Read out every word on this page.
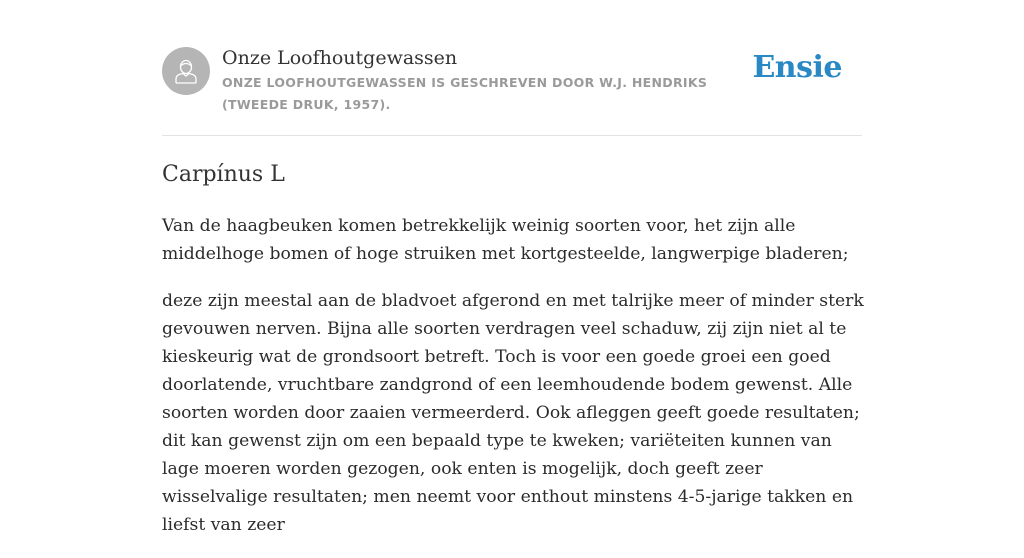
Onze Loofhoutgewassen
ONZE LOOFHOUTGEWASSEN IS GESCHREVEN DOOR W.J. HENDRIKS (TWEEDE DRUK, 1957).
Ensie
Carpínus L

Van de haagbeuken komen betrekkelijk weinig soorten voor, het zijn alle middelhoge bomen of hoge struiken met kortgesteelde, langwerpige bladeren;

deze zijn meestal aan de bladvoet afgerond en met talrijke meer of minder sterk gevouwen nerven. Bijna alle soorten verdragen veel schaduw, zij zijn niet al te kieskeurig wat de grondsoort betreft. Toch is voor een goede groei een goed doorlatende, vruchtbare zandgrond of een leemhoudende bodem gewenst. Alle soorten worden door zaaien vermeerderd. Ook afleggen geeft goede resultaten; dit kan gewenst zijn om een bepaald type te kweken; variëteiten kunnen van lage moeren worden gezogen, ook enten is mogelijk, doch geeft zeer wisselvalige resultaten; men neemt voor enthout minstens 4-5-jarige takken en liefst van zeer
